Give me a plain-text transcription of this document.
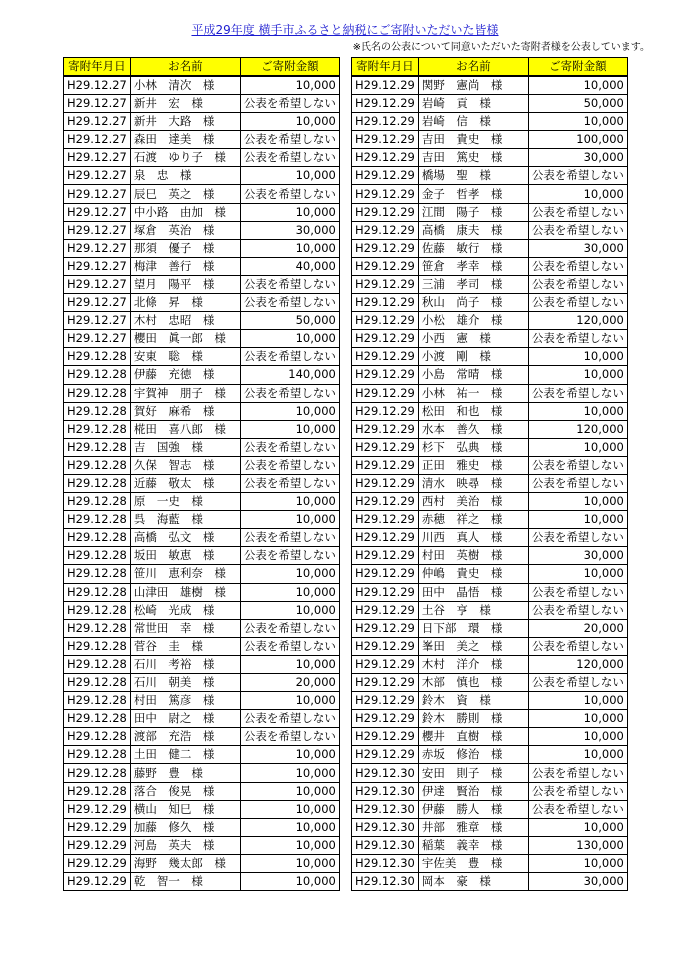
平成29年度 横手市ふるさと納税にご寄附いただいた皆様
※氏名の公表について同意いただいた寄附者様を公表しています。
寄附年月日	お名前	ご寄附金額
H29.12.27	小林　清次　様	10,000
H29.12.27	新井　宏　様	公表を希望しない
H29.12.27	新井　大路　様	10,000
H29.12.27	森田　達美　様	公表を希望しない
H29.12.27	石渡　ゆり子　様	公表を希望しない
H29.12.27	泉　忠　様	10,000
H29.12.27	辰巳　英之　様	公表を希望しない
H29.12.27	中小路　由加　様	10,000
H29.12.27	塚倉　英治　様	30,000
H29.12.27	那須　優子　様	10,000
H29.12.27	梅津　善行　様	40,000
H29.12.27	望月　陽平　様	公表を希望しない
H29.12.27	北條　昇　様	公表を希望しない
H29.12.27	木村　忠昭　様	50,000
H29.12.27	櫻田　眞一郎　様	10,000
H29.12.28	安東　聡　様	公表を希望しない
H29.12.28	伊藤　充徳　様	140,000
H29.12.28	宇賀神　朋子　様	公表を希望しない
H29.12.28	賀好　麻希　様	10,000
H29.12.28	椛田　喜八郎　様	10,000
H29.12.28	吉　国強　様	公表を希望しない
H29.12.28	久保　智志　様	公表を希望しない
H29.12.28	近藤　敬太　様	公表を希望しない
H29.12.28	原　一史　様	10,000
H29.12.28	呉　海藍　様	10,000
H29.12.28	高橋　弘文　様	公表を希望しない
H29.12.28	坂田　敏恵　様	公表を希望しない
H29.12.28	笹川　恵利奈　様	10,000
H29.12.28	山津田　雄樹　様	10,000
H29.12.28	松崎　光成　様	10,000
H29.12.28	常世田　幸　様	公表を希望しない
H29.12.28	菅谷　圭　様	公表を希望しない
H29.12.28	石川　考裕　様	10,000
H29.12.28	石川　朝美　様	20,000
H29.12.28	村田　篤彦　様	10,000
H29.12.28	田中　尉之　様	公表を希望しない
H29.12.28	渡部　充浩　様	公表を希望しない
H29.12.28	土田　健二　様	10,000
H29.12.28	藤野　豊　様	10,000
H29.12.28	落合　俊晃　様	10,000
H29.12.29	横山　知巳　様	10,000
H29.12.29	加藤　修久　様	10,000
H29.12.29	河島　英夫　様	10,000
H29.12.29	海野　幾太郎　様	10,000
H29.12.29	乾　智一　様	10,000
寄附年月日	お名前	ご寄附金額
H29.12.29	関野　憲尚　様	10,000
H29.12.29	岩崎　貢　様	50,000
H29.12.29	岩崎　信　様	10,000
H29.12.29	吉田　貴史　様	100,000
H29.12.29	吉田　篤史　様	30,000
H29.12.29	橋場　聖　様	公表を希望しない
H29.12.29	金子　哲孝　様	10,000
H29.12.29	江間　陽子　様	公表を希望しない
H29.12.29	高橋　康夫　様	公表を希望しない
H29.12.29	佐藤　敏行　様	30,000
H29.12.29	笹倉　孝幸　様	公表を希望しない
H29.12.29	三浦　孝司　様	公表を希望しない
H29.12.29	秋山　尚子　様	公表を希望しない
H29.12.29	小松　雄介　様	120,000
H29.12.29	小西　憲　様	公表を希望しない
H29.12.29	小渡　剛　様	10,000
H29.12.29	小島　常晴　様	10,000
H29.12.29	小林　祐一　様	公表を希望しない
H29.12.29	松田　和也　様	10,000
H29.12.29	水本　善久　様	120,000
H29.12.29	杉下　弘典　様	10,000
H29.12.29	正田　雅史　様	公表を希望しない
H29.12.29	清水　映尋　様	公表を希望しない
H29.12.29	西村　美治　様	10,000
H29.12.29	赤穂　祥之　様	10,000
H29.12.29	川西　真人　様	公表を希望しない
H29.12.29	村田　英樹　様	30,000
H29.12.29	仲嶋　貴史　様	10,000
H29.12.29	田中　晶悟　様	公表を希望しない
H29.12.29	土谷　亨　様	公表を希望しない
H29.12.29	日下部　環　様	20,000
H29.12.29	峯田　美之　様	公表を希望しない
H29.12.29	木村　洋介　様	120,000
H29.12.29	木部　慎也　様	公表を希望しない
H29.12.29	鈴木　資　様	10,000
H29.12.29	鈴木　勝則　様	10,000
H29.12.29	櫻井　直樹　様	10,000
H29.12.29	赤坂　修治　様	10,000
H29.12.30	安田　則子　様	公表を希望しない
H29.12.30	伊達　賢治　様	公表を希望しない
H29.12.30	伊藤　勝人　様	公表を希望しない
H29.12.30	井部　雅章　様	10,000
H29.12.30	稲葉　義幸　様	130,000
H29.12.30	宇佐美　豊　様	10,000
H29.12.30	岡本　豪　様	30,000
